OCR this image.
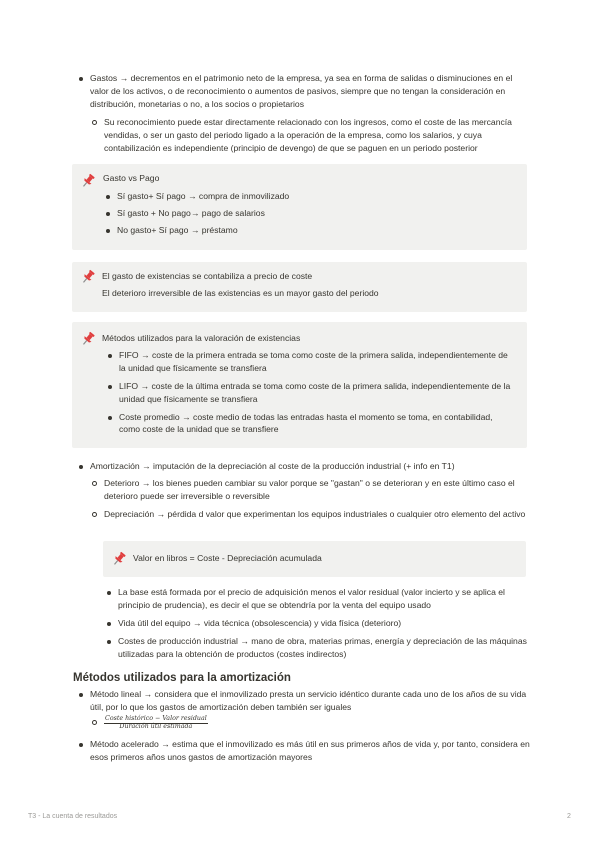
Gastos → decrementos en el patrimonio neto de la empresa, ya sea en forma de salidas o disminuciones en el valor de los activos, o de reconocimiento o aumentos de pasivos, siempre que no tengan la consideración en distribución, monetarias o no, a los socios o propietarios
Su reconocimiento puede estar directamente relacionado con los ingresos, como el coste de las mercancía vendidas, o ser un gasto del periodo ligado a la operación de la empresa, como los salarios, y cuya contabilización es independiente (principio de devengo) de que se paguen en un periodo posterior
Gasto vs Pago
Sí gasto+ Sí pago → compra de inmovilizado
Sí gasto + No pago→ pago de salarios
No gasto+ Sí pago → préstamo
El gasto de existencias se contabiliza a precio de coste
El deterioro irreversible de las existencias es un mayor gasto del periodo
Métodos utilizados para la valoración de existencias
FIFO → coste de la primera entrada se toma como coste de la primera salida, independientemente de la unidad que físicamente se transfiera
LIFO → coste de la última entrada se toma como coste de la primera salida, independientemente de la unidad que físicamente se transfiera
Coste promedio → coste medio de todas las entradas hasta el momento se toma, en contabilidad, como coste de la unidad que se transfiere
Amortización → imputación de la depreciación al coste de la producción industrial (+ info en T1)
Deterioro → los bienes pueden cambiar su valor porque se "gastan" o se deterioran y en este último caso el deterioro puede ser irreversible o reversible
Depreciación → pérdida d valor que experimentan los equipos industriales o cualquier otro elemento del activo
Valor en libros = Coste - Depreciación acumulada
La base está formada por el precio de adquisición menos el valor residual (valor incierto y se aplica el principio de prudencia), es decir el que se obtendría por la venta del equipo usado
Vida útil del equipo → vida técnica (obsolescencia) y vida física (deterioro)
Costes de producción industrial → mano de obra, materias primas, energía y depreciación de las máquinas utilizadas para la obtención de productos (costes indirectos)
Métodos utilizados para la amortización
Método lineal → considera que el inmovilizado presta un servicio idéntico durante cada uno de los años de su vida útil, por lo que los gastos de amortización deben también ser iguales
$\frac{\text{Coste histórico − Valor residual}}{\text{Duración útil estimada}}$
Método acelerado → estima que el inmovilizado es más útil en sus primeros años de vida y, por tanto, considera en esos primeros años unos gastos de amortización mayores
T3 - La cuenta de resultados	2
